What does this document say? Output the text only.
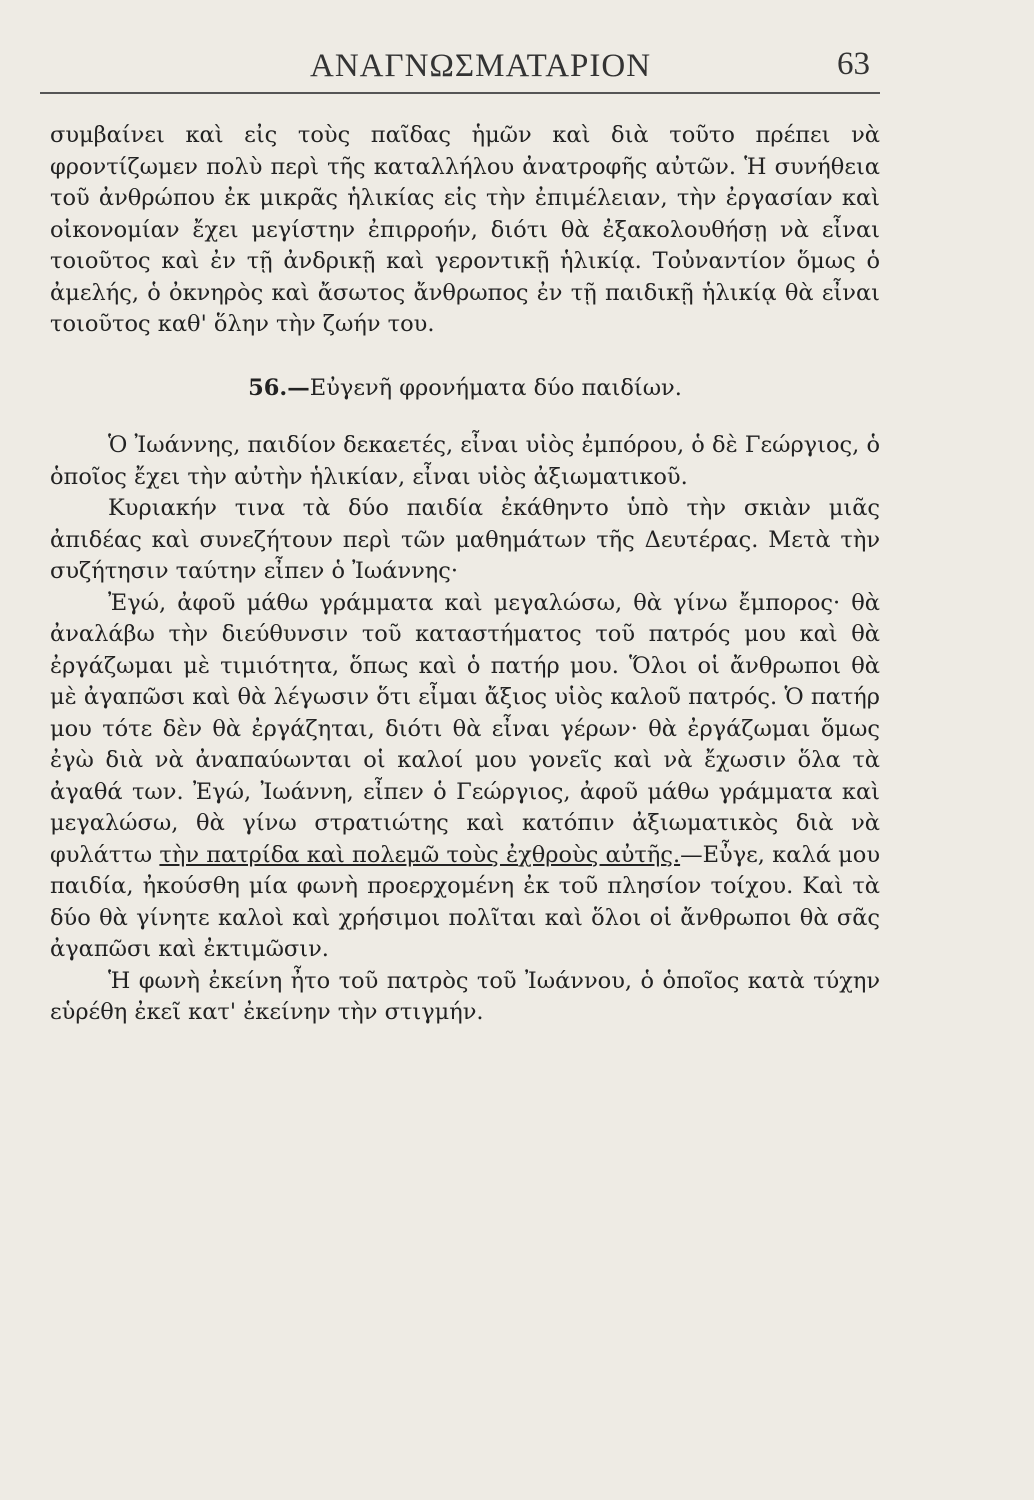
ΑΝΑΓΝΩΣΜΑΤΑΡΙΟΝ	63

συμβαίνει καὶ εἰς τοὺς παῖδας ἡμῶν καὶ διὰ τοῦτο πρέπει νὰ φροντίζωμεν πολὺ περὶ τῆς καταλλήλου ἀνατροφῆς αὐτῶν. Ἡ συνήθεια τοῦ ἀνθρώπου ἐκ μικρᾶς ἡλικίας εἰς τὴν ἐπιμέλειαν, τὴν ἐργασίαν καὶ οἰκονομίαν ἔχει μεγίστην ἐπιρροήν, διότι θὰ ἐξακολουθήσῃ νὰ εἶναι τοιοῦτος καὶ ἐν τῇ ἀνδρικῇ καὶ γεροντικῇ ἡλικίᾳ. Τοὐναντίον ὅμως ὁ ἀμελής, ὁ ὀκνηρὸς καὶ ἄσωτος ἄνθρωπος ἐν τῇ παιδικῇ ἡλικίᾳ θὰ εἶναι τοιοῦτος καθ' ὅλην τὴν ζωήν του.

56.—Εὐγενῆ φρονήματα δύο παιδίων.

Ὁ Ἰωάννης, παιδίον δεκαετές, εἶναι υἱὸς ἐμπόρου, ὁ δὲ Γεώργιος, ὁ ὁποῖος ἔχει τὴν αὐτὴν ἡλικίαν, εἶναι υἱὸς ἀξιωματικοῦ.

Κυριακήν τινα τὰ δύο παιδία ἐκάθηντο ὑπὸ τὴν σκιὰν μιᾶς ἀπιδέας καὶ συνεζήτουν περὶ τῶν μαθημάτων τῆς Δευτέρας. Μετὰ τὴν συζήτησιν ταύτην εἶπεν ὁ Ἰωάννης·

Ἐγώ, ἀφοῦ μάθω γράμματα καὶ μεγαλώσω, θὰ γίνω ἔμπορος· θὰ ἀναλάβω τὴν διεύθυνσιν τοῦ καταστήματος τοῦ πατρός μου καὶ θὰ ἐργάζωμαι μὲ τιμιότητα, ὅπως καὶ ὁ πατήρ μου. Ὅλοι οἱ ἄνθρωποι θὰ μὲ ἀγαπῶσι καὶ θὰ λέγωσιν ὅτι εἶμαι ἄξιος υἱὸς καλοῦ πατρός. Ὁ πατήρ μου τότε δὲν θὰ ἐργάζηται, διότι θὰ εἶναι γέρων· θὰ ἐργάζωμαι ὅμως ἐγὼ διὰ νὰ ἀναπαύωνται οἱ καλοί μου γονεῖς καὶ νὰ ἔχωσιν ὅλα τὰ ἀγαθά των. Ἐγώ, Ἰωάννη, εἶπεν ὁ Γεώργιος, ἀφοῦ μάθω γράμματα καὶ μεγαλώσω, θὰ γίνω στρατιώτης καὶ κατόπιν ἀξιωματικὸς διὰ νὰ φυλάττω τὴν πατρίδα καὶ πολεμῶ τοὺς ἐχθροὺς αὐτῆς.—Εὖγε, καλά μου παιδία, ἠκούσθη μία φωνὴ προερχομένη ἐκ τοῦ πλησίον τοίχου. Καὶ τὰ δύο θὰ γίνητε καλοὶ καὶ χρήσιμοι πολῖται καὶ ὅλοι οἱ ἄνθρωποι θὰ σᾶς ἀγαπῶσι καὶ ἐκτιμῶσιν.

Ἡ φωνὴ ἐκείνη ἦτο τοῦ πατρὸς τοῦ Ἰωάννου, ὁ ὁποῖος κατὰ τύχην εὑρέθη ἐκεῖ κατ' ἐκείνην τὴν στιγμήν.
